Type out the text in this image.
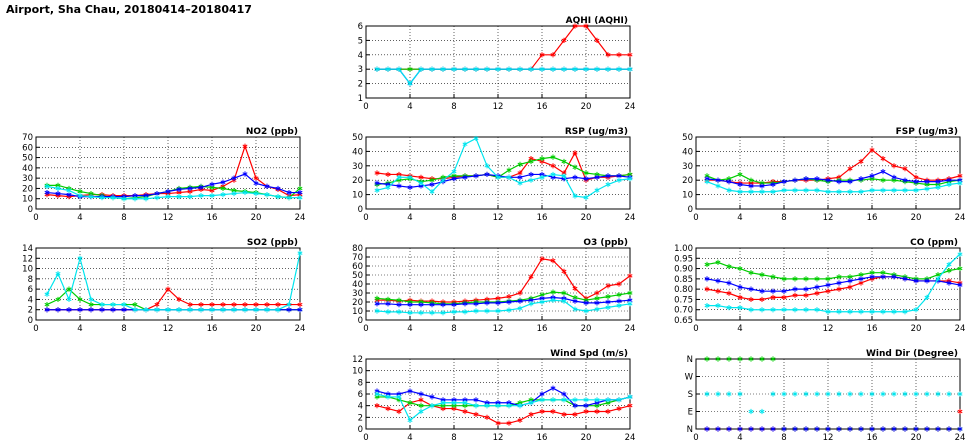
Airport, Sha Chau, 20180414–20180417
1
2
3
4
5
6
0	4	8	12	16	20	24
AQHI (AQHI)
0
10
20
30
40
50
60
70
0	4	8	12	16	20	24
NO2 (ppb)
0
10
20
30
40
50
0	4	8	12	16	20	24
RSP (ug/m3)
0
10
20
30
40
50
0	4	8	12	16	20	24
FSP (ug/m3)
0
2
4
6
8
10
12
14
0	4	8	12	16	20	24
SO2 (ppb)
0
10
20
30
40
50
60
70
80
0	4	8	12	16	20	24
O3 (ppb)
0.65
0.70
0.75
0.80
0.85
0.90
0.95
1.00
0	4	8	12	16	20	24
CO (ppm)
0
2
4
6
8
10
12
0	4	8	12	16	20	24
Wind Spd (m/s)
N
E
S
W
N
0	4	8	12	16	20	24
Wind Dir (Degree)
